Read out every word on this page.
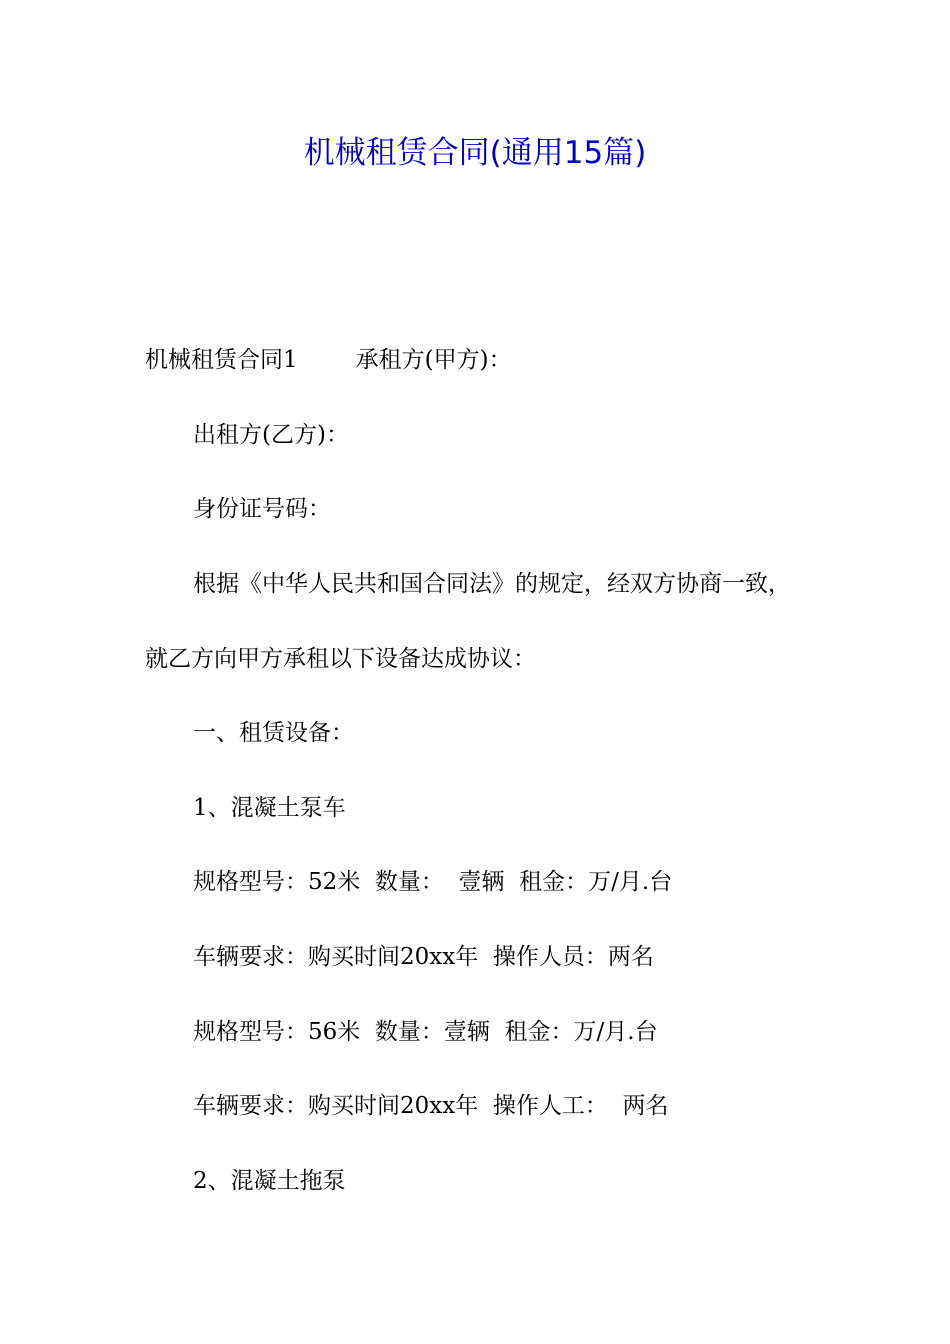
机械租赁合同(通用15篇)

机械租赁合同1	承租方(甲方)：

出租方(乙方)：

身份证号码：

根据《中华人民共和国合同法》的规定，经双方协商一致，

就乙方向甲方承租以下设备达成协议：

一、租赁设备：

1、混凝土泵车

规格型号：52米  数量：  壹辆  租金：万/月.台

车辆要求：购买时间20xx年  操作人员：两名

规格型号：56米  数量：壹辆  租金：万/月.台

车辆要求：购买时间20xx年  操作人工：  两名

2、混凝土拖泵
